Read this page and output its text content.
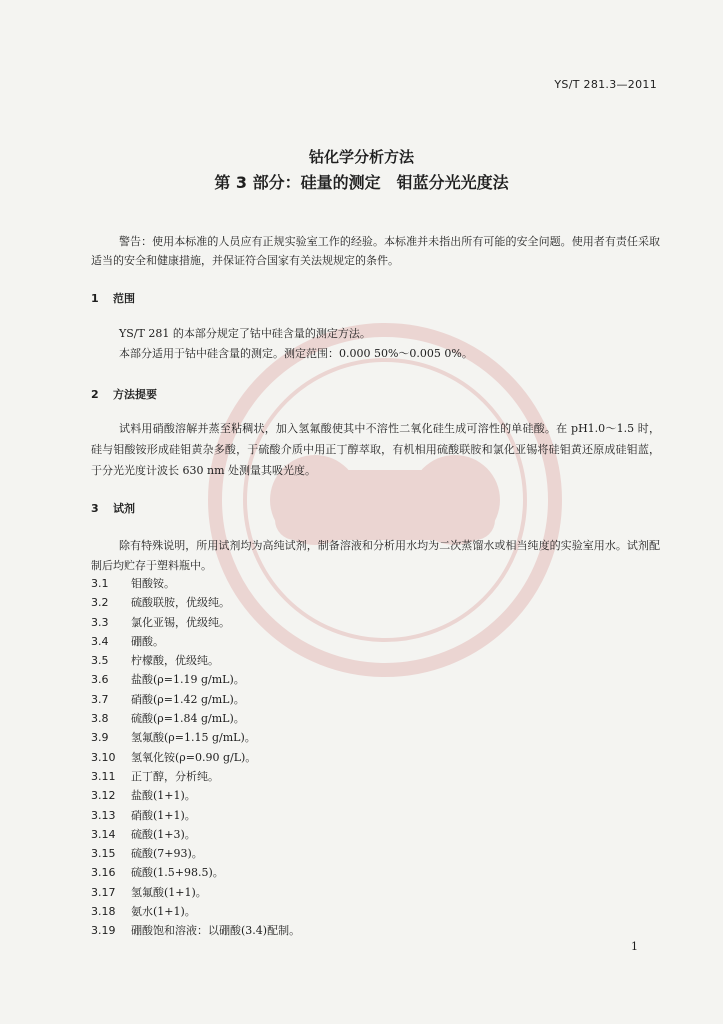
YS/T 281.3—2011
钴化学分析方法
第 3 部分：硅量的测定　钼蓝分光光度法
警告：使用本标准的人员应有正规实验室工作的经验。本标准并未指出所有可能的安全问题。使用者有责任采取适当的安全和健康措施，并保证符合国家有关法规规定的条件。
1 范围
YS/T 281 的本部分规定了钴中硅含量的测定方法。
本部分适用于钴中硅含量的测定。测定范围：0.000 50%～0.005 0%。
2 方法提要
试料用硝酸溶解并蒸至粘稠状，加入氢氟酸使其中不溶性二氧化硅生成可溶性的单硅酸。在 pH1.0～1.5 时，硅与钼酸铵形成硅钼黄杂多酸，于硫酸介质中用正丁醇萃取，有机相用硫酸联胺和氯化亚锡将硅钼黄还原成硅钼蓝，于分光光度计波长 630 nm 处测量其吸光度。
3 试剂
除有特殊说明，所用试剂均为高纯试剂，制备溶液和分析用水均为二次蒸馏水或相当纯度的实验室用水。试剂配制后均贮存于塑料瓶中。
3.1 钼酸铵。
3.2 硫酸联胺，优级纯。
3.3 氯化亚锡，优级纯。
3.4 硼酸。
3.5 柠檬酸，优级纯。
3.6 盐酸(ρ=1.19 g/mL)。
3.7 硝酸(ρ=1.42 g/mL)。
3.8 硫酸(ρ=1.84 g/mL)。
3.9 氢氟酸(ρ=1.15 g/mL)。
3.10 氢氧化铵(ρ=0.90 g/L)。
3.11 正丁醇，分析纯。
3.12 盐酸(1+1)。
3.13 硝酸(1+1)。
3.14 硫酸(1+3)。
3.15 硫酸(7+93)。
3.16 硫酸(1.5+98.5)。
3.17 氢氟酸(1+1)。
3.18 氨水(1+1)。
3.19 硼酸饱和溶液：以硼酸(3.4)配制。
1
